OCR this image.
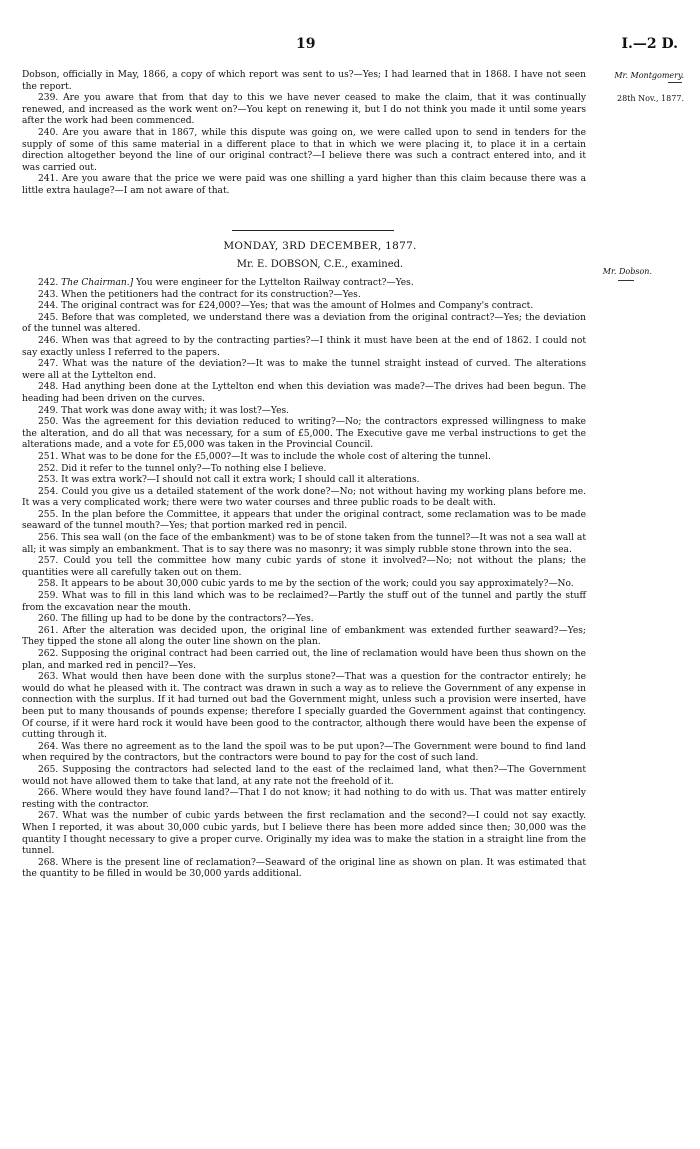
19	I.—2 D.
Mr. Montgomery.
28th Nov., 1877.
Mr. Dobson.

Dobson, officially in May, 1866, a copy of which report was sent to us?—Yes; I had learned that in 1868. I have not seen the report.

239. Are you aware that from that day to this we have never ceased to make the claim, that it was continually renewed, and increased as the work went on?—You kept on renewing it, but I do not think you made it until some years after the work had been commenced.

240. Are you aware that in 1867, while this dispute was going on, we were called upon to send in tenders for the supply of some of this same material in a different place to that in which we were placing it, to place it in a certain direction altogether beyond the line of our original contract?—I believe there was such a contract entered into, and it was carried out.

241. Are you aware that the price we were paid was one shilling a yard higher than this claim because there was a little extra haulage?—I am not aware of that.

MONDAY, 3RD DECEMBER, 1877.
Mr. E. DOBSON, C.E., examined.

242. The Chairman.] You were engineer for the Lyttelton Railway contract?—Yes.

243. When the petitioners had the contract for its construction?—Yes.

244. The original contract was for £24,000?—Yes; that was the amount of Holmes and Company's contract.

245. Before that was completed, we understand there was a deviation from the original contract?—Yes; the deviation of the tunnel was altered.

246. When was that agreed to by the contracting parties?—I think it must have been at the end of 1862. I could not say exactly unless I referred to the papers.

247. What was the nature of the deviation?—It was to make the tunnel straight instead of curved. The alterations were all at the Lyttelton end.

248. Had anything been done at the Lyttelton end when this deviation was made?—The drives had been begun. The heading had been driven on the curves.

249. That work was done away with; it was lost?—Yes.

250. Was the agreement for this deviation reduced to writing?—No; the contractors expressed willingness to make the alteration, and do all that was necessary, for a sum of £5,000. The Executive gave me verbal instructions to get the alterations made, and a vote for £5,000 was taken in the Provincial Council.

251. What was to be done for the £5,000?—It was to include the whole cost of altering the tunnel.

252. Did it refer to the tunnel only?—To nothing else I believe.

253. It was extra work?—I should not call it extra work; I should call it alterations.

254. Could you give us a detailed statement of the work done?—No; not without having my working plans before me. It was a very complicated work; there were two water courses and three public roads to be dealt with.

255. In the plan before the Committee, it appears that under the original contract, some reclamation was to be made seaward of the tunnel mouth?—Yes; that portion marked red in pencil.

256. This sea wall (on the face of the embankment) was to be of stone taken from the tunnel?—It was not a sea wall at all; it was simply an embankment. That is to say there was no masonry; it was simply rubble stone thrown into the sea.

257. Could you tell the committee how many cubic yards of stone it involved?—No; not without the plans; the quantities were all carefully taken out on them.

258. It appears to be about 30,000 cubic yards to me by the section of the work; could you say approximately?—No.

259. What was to fill in this land which was to be reclaimed?—Partly the stuff out of the tunnel and partly the stuff from the excavation near the mouth.

260. The filling up had to be done by the contractors?—Yes.

261. After the alteration was decided upon, the original line of embankment was extended further seaward?—Yes; They tipped the stone all along the outer line shown on the plan.

262. Supposing the original contract had been carried out, the line of reclamation would have been thus shown on the plan, and marked red in pencil?—Yes.

263. What would then have been done with the surplus stone?—That was a question for the contractor entirely; he would do what he pleased with it. The contract was drawn in such a way as to relieve the Government of any expense in connection with the surplus. If it had turned out bad the Government might, unless such a provision were inserted, have been put to many thousands of pounds expense; therefore I specially guarded the Government against that contingency. Of course, if it were hard rock it would have been good to the contractor, although there would have been the expense of cutting through it.

264. Was there no agreement as to the land the spoil was to be put upon?—The Government were bound to find land when required by the contractors, but the contractors were bound to pay for the cost of such land.

265. Supposing the contractors had selected land to the east of the reclaimed land, what then?—The Government would not have allowed them to take that land, at any rate not the freehold of it.

266. Where would they have found land?—That I do not know; it had nothing to do with us. That was matter entirely resting with the contractor.

267. What was the number of cubic yards between the first reclamation and the second?—I could not say exactly. When I reported, it was about 30,000 cubic yards, but I believe there has been more added since then; 30,000 was the quantity I thought necessary to give a proper curve. Originally my idea was to make the station in a straight line from the tunnel.

268. Where is the present line of reclamation?—Seaward of the original line as shown on plan. It was estimated that the quantity to be filled in would be 30,000 yards additional.
